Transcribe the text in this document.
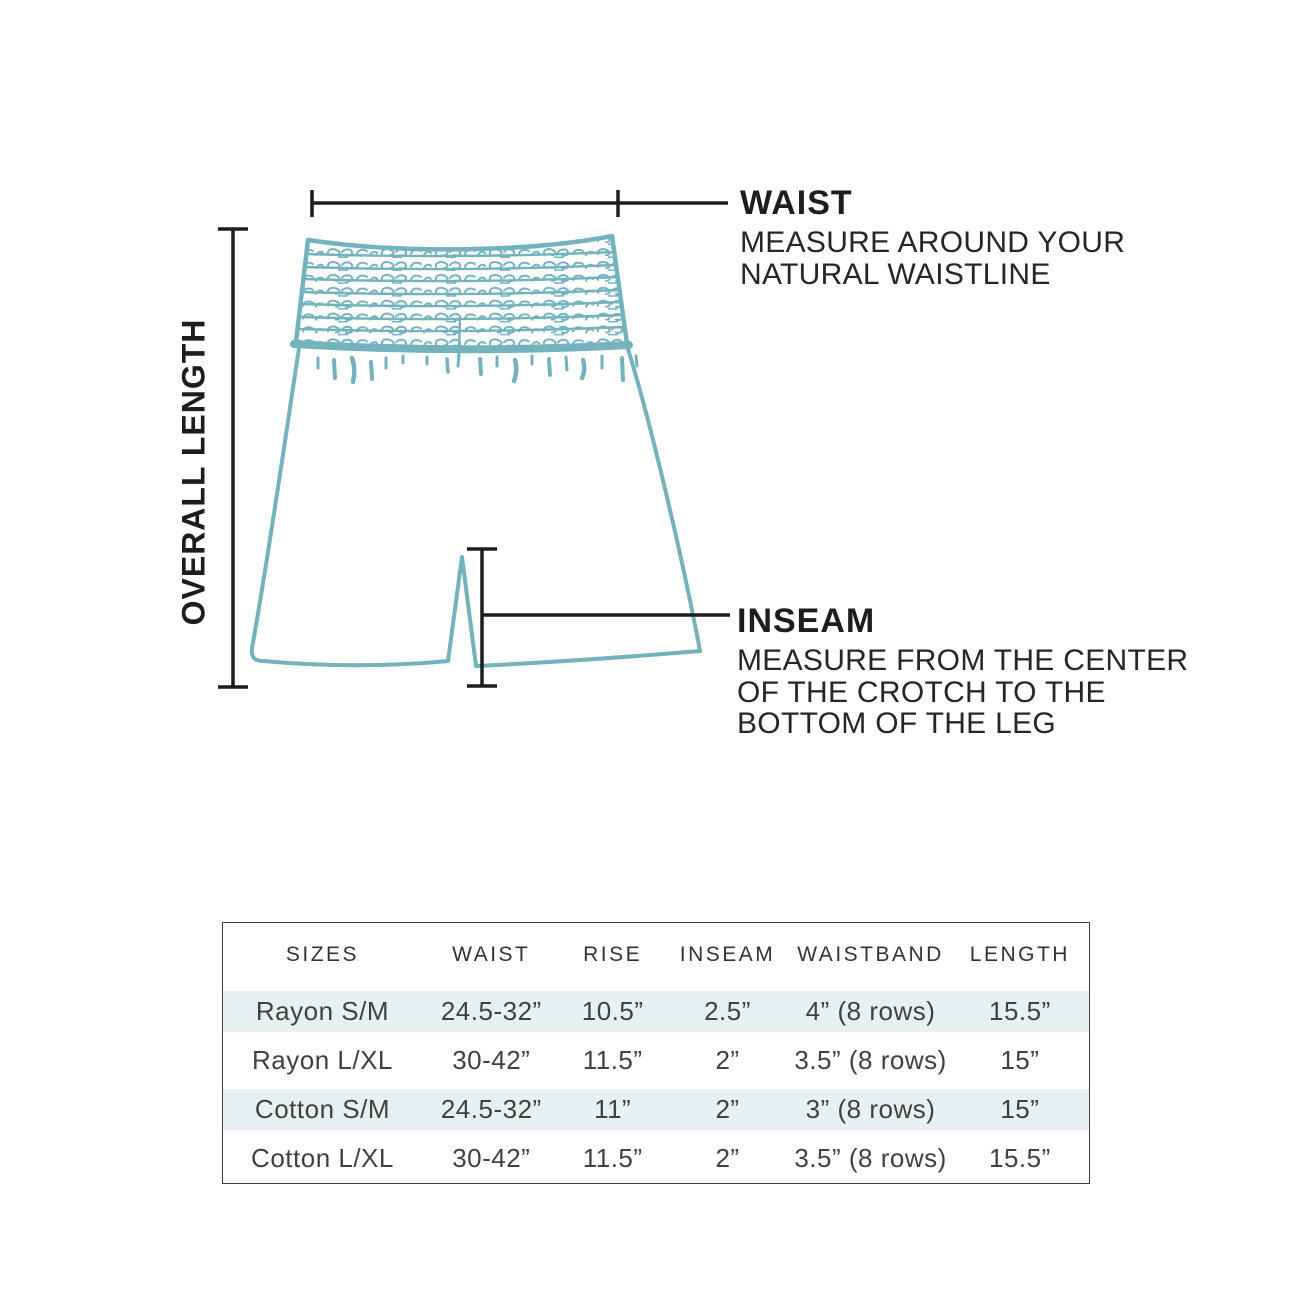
WAIST
MEASURE AROUND YOUR
NATURAL WAISTLINE
INSEAM
MEASURE FROM THE CENTER
OF THE CROTCH TO THE
BOTTOM OF THE LEG
OVERALL LENGTH
SIZES	WAIST	RISE	INSEAM	WAISTBAND	LENGTH
Rayon S/M	24.5-32”	10.5”	2.5”	4” (8 rows)	15.5”
Rayon L/XL	30-42”	11.5”	2”	3.5” (8 rows)	15”
Cotton S/M	24.5-32”	11”	2”	3” (8 rows)	15”
Cotton L/XL	30-42”	11.5”	2”	3.5” (8 rows)	15.5”
